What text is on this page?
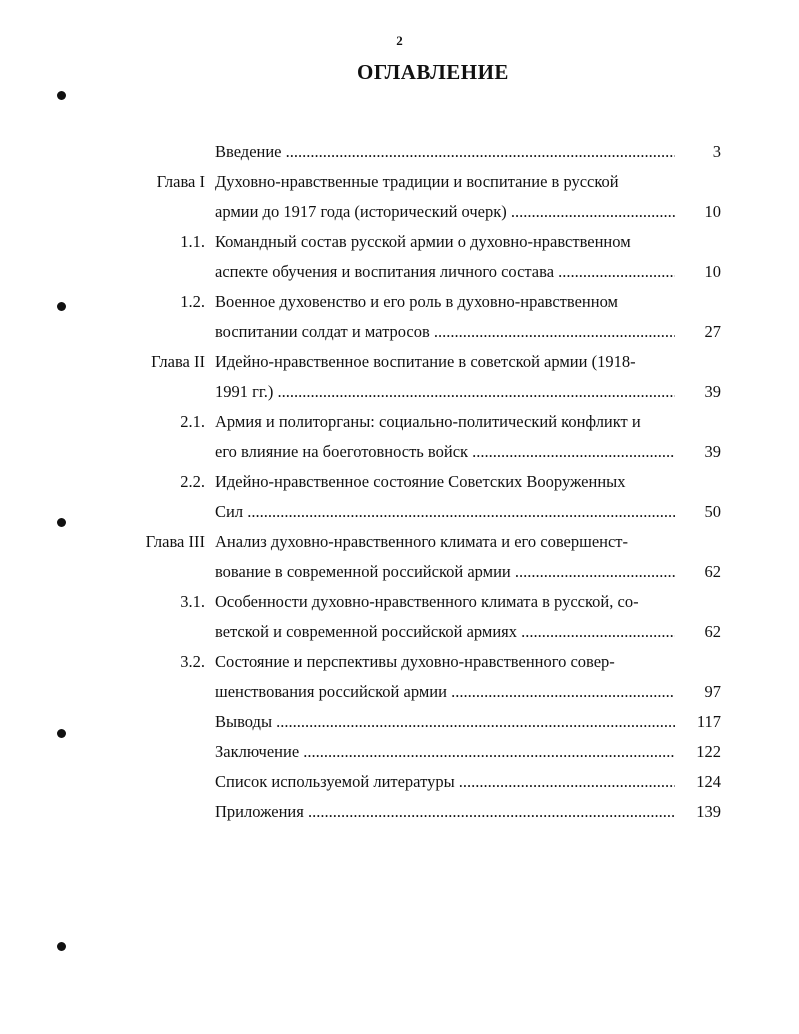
2
ОГЛАВЛЕНИЕ
Введение .....	3
Глава I Духовно-нравственные традиции и воспитание в русской
армии до 1917 года (исторический очерк) .....	10
1.1. Командный состав русской армии о духовно-нравственном
аспекте обучения и воспитания личного состава .....	10
1.2. Военное духовенство и его роль в духовно-нравственном
воспитании солдат и матросов .....	27
Глава II Идейно-нравственное воспитание в советской армии (1918-
1991 гг.) .....	39
2.1. Армия и политорганы: социально-политический конфликт и
его влияние на боеготовность войск .....	39
2.2. Идейно-нравственное состояние Советских Вооруженных
Сил .....	50
Глава III Анализ духовно-нравственного климата и его совершенст-
вование в современной российской армии .....	62
3.1. Особенности духовно-нравственного климата в русской, со-
ветской и современной российской армиях .....	62
3.2. Состояние и перспективы духовно-нравственного совер-
шенствования российской армии .....	97
Выводы .....	117
Заключение .....	122
Список используемой литературы .....	124
Приложения .....	139
